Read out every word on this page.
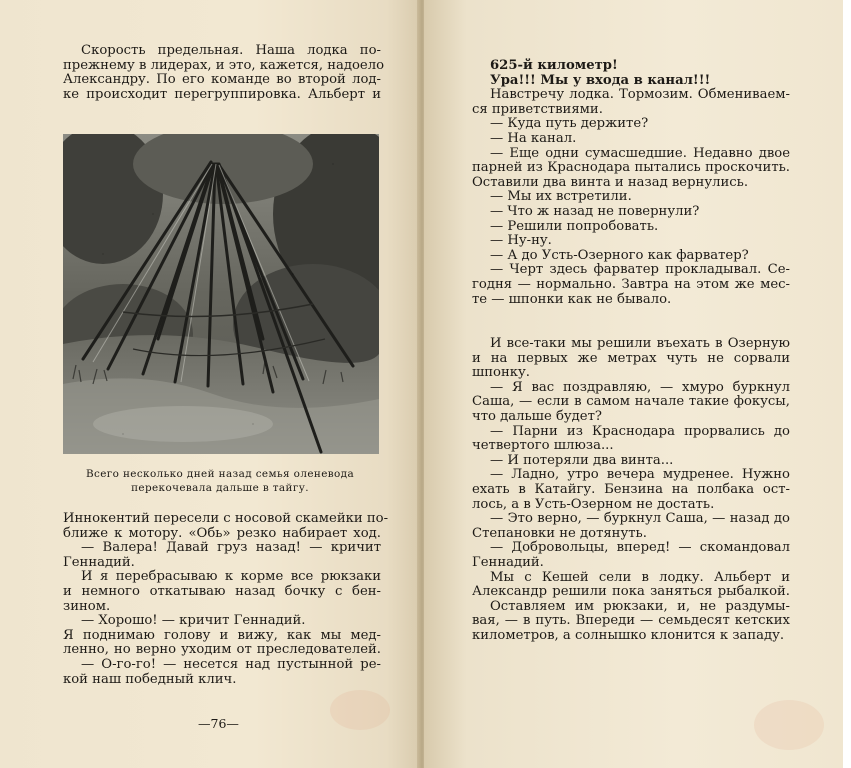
Скорость предельная. Наша лодка по-
прежнему в лидерах, и это, кажется, надоело
Александру. По его команде во второй лод-
ке происходит перегруппировка. Альберт и
Всего несколько дней назад семья оленевода
перекочевала дальше в тайгу.
Иннокентий пересели с носовой скамейки по-
ближе к мотору. «Обь» резко набирает ход.
— Валера! Давай груз назад! — кричит
Геннадий.
И я перебрасываю к корме все рюкзаки
и немного откатываю назад бочку с бен-
зином.
— Хорошо! — кричит Геннадий.
Я поднимаю голову и вижу, как мы мед-
ленно, но верно уходим от преследователей.
— О-го-го! — несется над пустынной ре-
кой наш победный клич.
—76—
625-й километр!
Ура!!! Мы у входа в канал!!!
Навстречу лодка. Тормозим. Обмениваем-
ся приветствиями.
— Куда путь держите?
— На канал.
— Еще одни сумасшедшие. Недавно двое
парней из Краснодара пытались проскочить.
Оставили два винта и назад вернулись.
— Мы их встретили.
— Что ж назад не повернули?
— Решили попробовать.
— Ну-ну.
— А до Усть-Озерного как фарватер?
— Черт здесь фарватер прокладывал. Се-
годня — нормально. Завтра на этом же мес-
те — шпонки как не бывало.
И все-таки мы решили въехать в Озерную
и на первых же метрах чуть не сорвали
шпонку.
— Я вас поздравляю, — хмуро буркнул
Саша, — если в самом начале такие фокусы,
что дальше будет?
— Парни из Краснодара прорвались до
четвертого шлюза...
— И потеряли два винта...
— Ладно, утро вечера мудренее. Нужно
ехать в Катайгу. Бензина на полбака ост-
лось, а в Усть-Озерном не достать.
— Это верно, — буркнул Саша, — назад до
Степановки не дотянуть.
— Добровольцы, вперед! — скомандовал
Геннадий.
Мы с Кешей сели в лодку. Альберт и
Александр решили пока заняться рыбалкой.
Оставляем им рюкзаки, и, не раздумы-
вая, — в путь. Впереди — семьдесят кетских
километров, а солнышко клонится к западу.
